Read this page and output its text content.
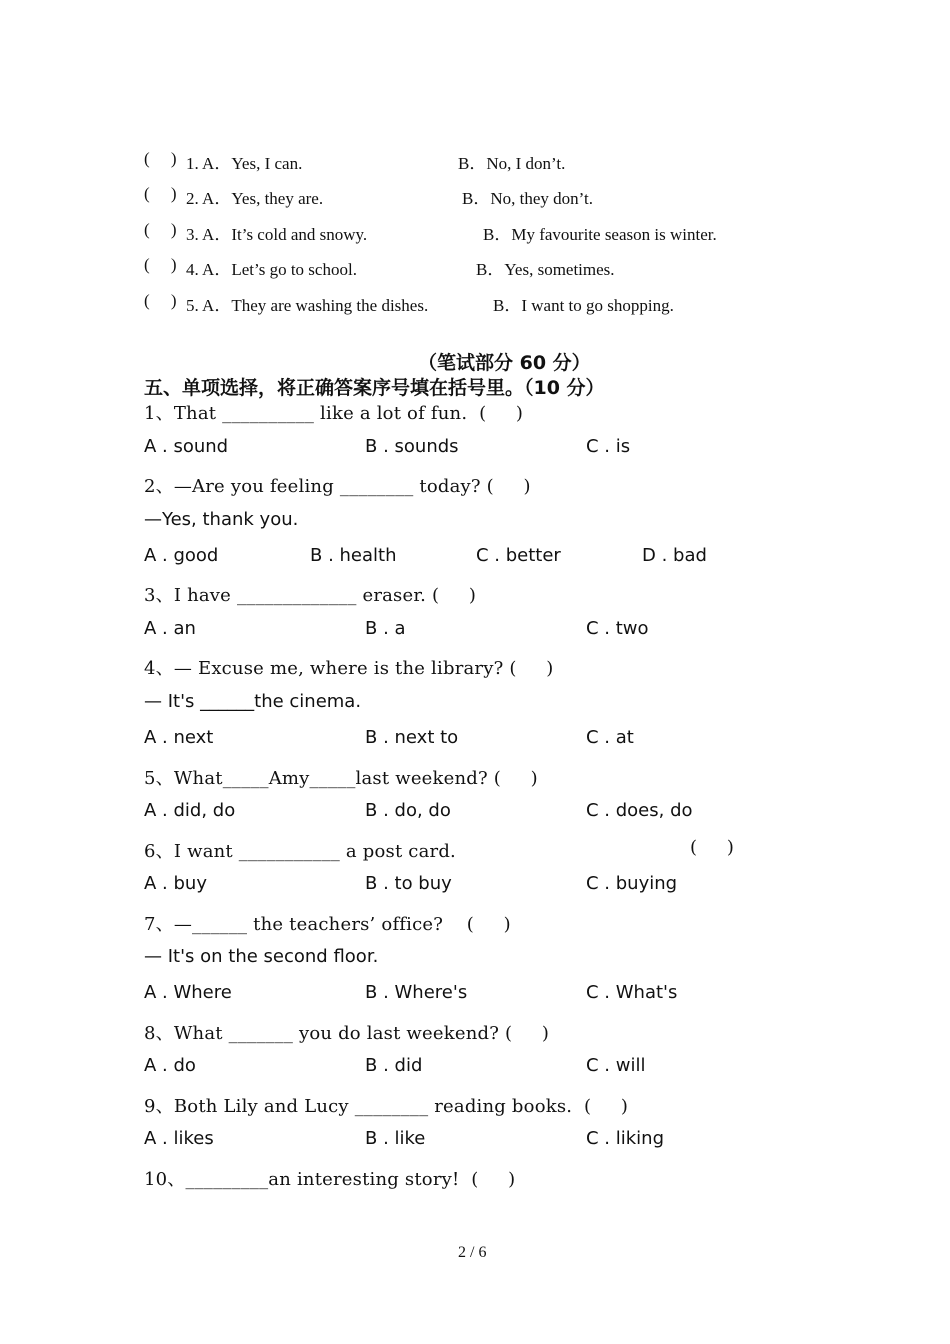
(     ) 1. A．Yes, I can.	B．No, I don’t.
(     ) 2. A．Yes, they are.	B．No, they don’t.
(     ) 3. A．It’s cold and snowy.	B．My favourite season is winter.
(     ) 4. A．Let’s go to school.	B．Yes, sometimes.
(     ) 5. A．They are washing the dishes.	B．I want to go shopping.
（笔试部分 60 分）
五、单项选择，将正确答案序号填在括号里。（10 分）
1、That __________ like a lot of fun.  (     )
A . sound	B . sounds	C . is
2、—Are you feeling ________ today? (     )
—Yes, thank you.
A . good	B . health	C . better	D . bad
3、I have _____________ eraser. (     )
A . an	B . a	C . two
4、— Excuse me, where is the library? (     )
— It's ______the cinema.
A . next	B . next to	C . at
5、What_____Amy_____last weekend? (     )
A . did, do	B . do, do	C . does, do
6、I want ___________ a post card.	(     )
A . buy	B . to buy	C . buying
7、—______ the teachers’ office?    (     )
— It's on the second floor.
A . Where	B . Where's	C . What's
8、What _______ you do last weekend? (     )
A . do	B . did	C . will
9、Both Lily and Lucy ________ reading books.  (     )
A . likes	B . like	C . liking
10、_________an interesting story!  (     )
2 / 6
